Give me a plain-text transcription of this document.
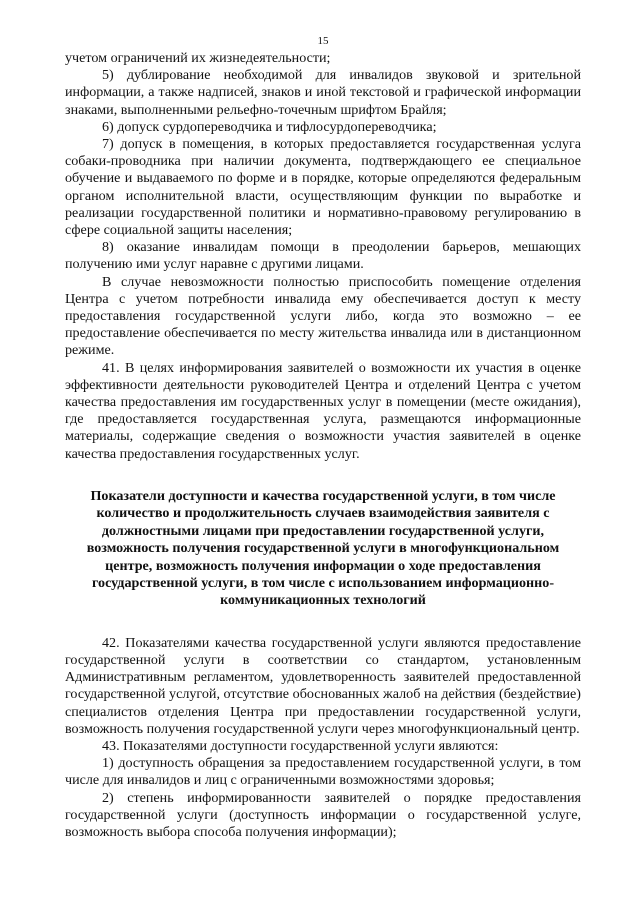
15

учетом ограничений их жизнедеятельности;

5) дублирование необходимой для инвалидов звуковой и зрительной информации, а также надписей, знаков и иной текстовой и графической информации знаками, выполненными рельефно-точечным шрифтом Брайля;

6) допуск сурдопереводчика и тифлосурдопереводчика;

7) допуск в помещения, в которых предоставляется государственная услуга собаки-проводника при наличии документа, подтверждающего ее специальное обучение и выдаваемого по форме и в порядке, которые определяются федеральным органом исполнительной власти, осуществляющим функции по выработке и реализации государственной политики и нормативно-правовому регулированию в сфере социальной защиты населения;

8) оказание инвалидам помощи в преодолении барьеров, мешающих получению ими услуг наравне с другими лицами.

В случае невозможности полностью приспособить помещение отделения Центра с учетом потребности инвалида ему обеспечивается доступ к месту предоставления государственной услуги либо, когда это возможно – ее предоставление обеспечивается по месту жительства инвалида или в дистанционном режиме.

41. В целях информирования заявителей о возможности их участия в оценке эффективности деятельности руководителей Центра и отделений Центра с учетом качества предоставления им государственных услуг в помещении (месте ожидания), где предоставляется государственная услуга, размещаются информационные материалы, содержащие сведения о возможности участия заявителей в оценке качества предоставления государственных услуг.

Показатели доступности и качества государственной услуги, в том числе количество и продолжительность случаев взаимодействия заявителя с должностными лицами при предоставлении государственной услуги, возможность получения государственной услуги в многофункциональном центре, возможность получения информации о ходе предоставления государственной услуги, в том числе с использованием информационно-коммуникационных технологий

42. Показателями качества государственной услуги являются предоставление государственной услуги в соответствии со стандартом, установленным Административным регламентом, удовлетворенность заявителей предоставленной государственной услугой, отсутствие обоснованных жалоб на действия (бездействие) специалистов отделения Центра при предоставлении государственной услуги, возможность получения государственной услуги через многофункциональный центр.

43. Показателями доступности государственной услуги являются:

1) доступность обращения за предоставлением государственной услуги, в том числе для инвалидов и лиц с ограниченными возможностями здоровья;

2) степень информированности заявителей о порядке предоставления государственной услуги (доступность информации о государственной услуге, возможность выбора способа получения информации);
